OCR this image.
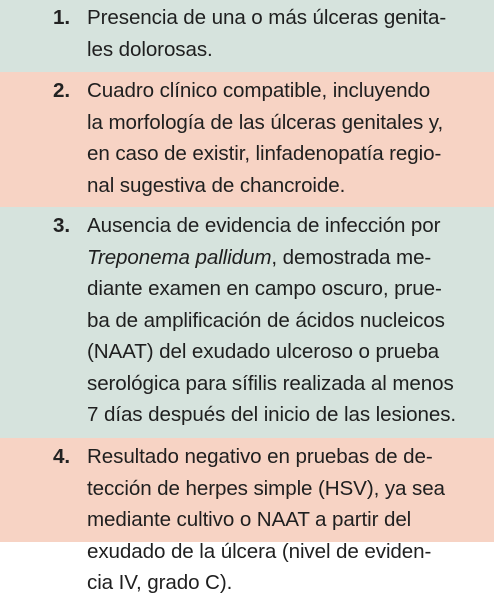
1. Presencia de una o más úlceras genita-
les dolorosas.
2. Cuadro clínico compatible, incluyendo
la morfología de las úlceras genitales y,
en caso de existir, linfadenopatía regio-
nal sugestiva de chancroide.
3. Ausencia de evidencia de infección por
Treponema pallidum, demostrada me-
diante examen en campo oscuro, prue-
ba de amplificación de ácidos nucleicos
(NAAT) del exudado ulceroso o prueba
serológica para sífilis realizada al menos
7 días después del inicio de las lesiones.
4. Resultado negativo en pruebas de de-
tección de herpes simple (HSV), ya sea
mediante cultivo o NAAT a partir del
exudado de la úlcera (nivel de eviden-
cia IV, grado C).
